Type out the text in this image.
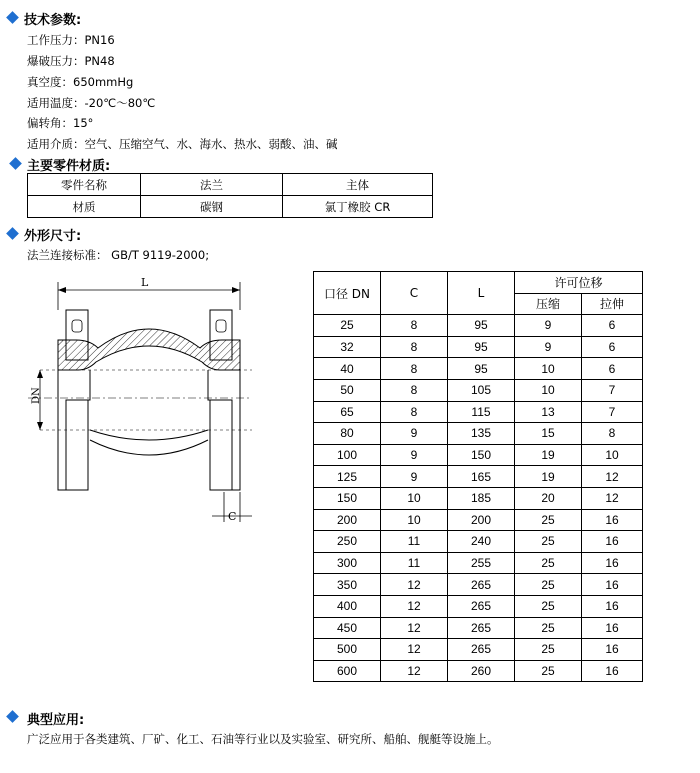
技术参数:
工作压力：PN16
爆破压力：PN48
真空度：650mmHg
适用温度：-20℃～80℃
偏转角：15°
适用介质：空气、压缩空气、水、海水、热水、弱酸、油、碱
主要零件材质:
零件名称	法兰	主体
材质	碳钢	氯丁橡胶 CR
外形尺寸:
法兰连接标准： GB/T 9119-2000;
L
DN
C
口径 DN	C	L	许可位移	
			压缩	拉伸
25	8	95	9	6
32	8	95	9	6
40	8	95	10	6
50	8	105	10	7
65	8	115	13	7
80	9	135	15	8
100	9	150	19	10
125	9	165	19	12
150	10	185	20	12
200	10	200	25	16
250	11	240	25	16
300	11	255	25	16
350	12	265	25	16
400	12	265	25	16
450	12	265	25	16
500	12	265	25	16
600	12	260	25	16
典型应用:
广泛应用于各类建筑、厂矿、化工、石油等行业以及实验室、研究所、船舶、舰艇等设施上。
